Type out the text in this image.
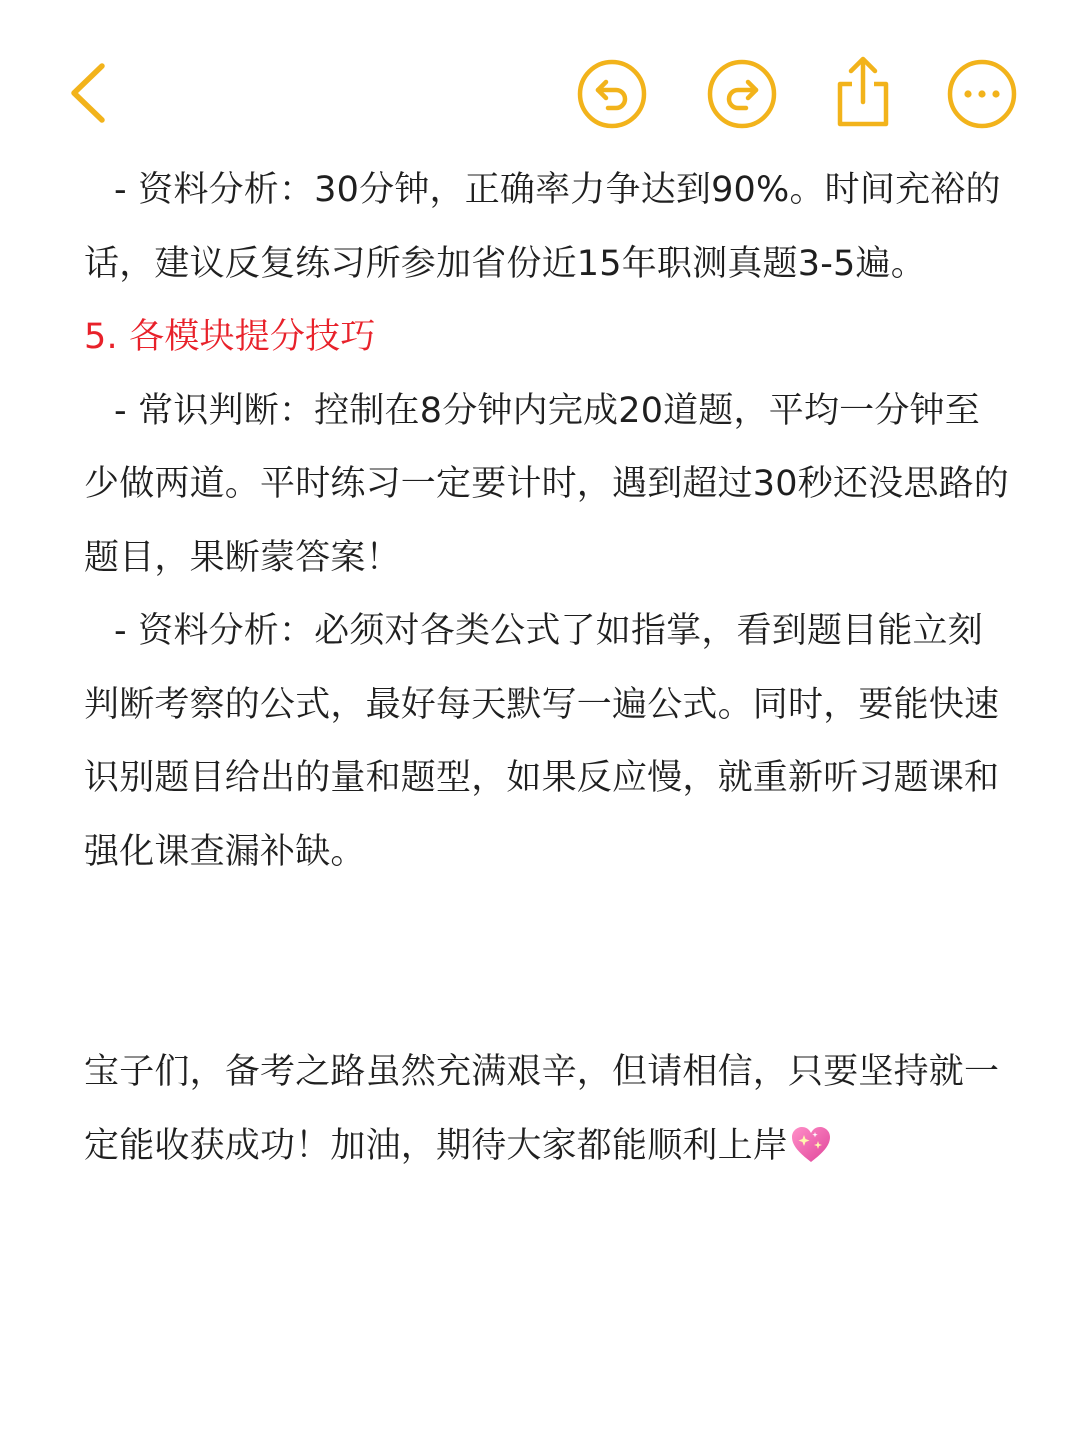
- 资料分析：30分钟，正确率力争达到90%。时间充裕的话，建议反复练习所参加省份近15年职测真题3-5遍。

5. 各模块提分技巧

- 常识判断：控制在8分钟内完成20道题，平均一分钟至少做两道。平时练习一定要计时，遇到超过30秒还没思路的题目，果断蒙答案！

- 资料分析：必须对各类公式了如指掌，看到题目能立刻判断考察的公式，最好每天默写一遍公式。同时，要能快速识别题目给出的量和题型，如果反应慢，就重新听习题课和强化课查漏补缺。

宝子们，备考之路虽然充满艰辛，但请相信，只要坚持就一定能收获成功！加油，期待大家都能顺利上岸
